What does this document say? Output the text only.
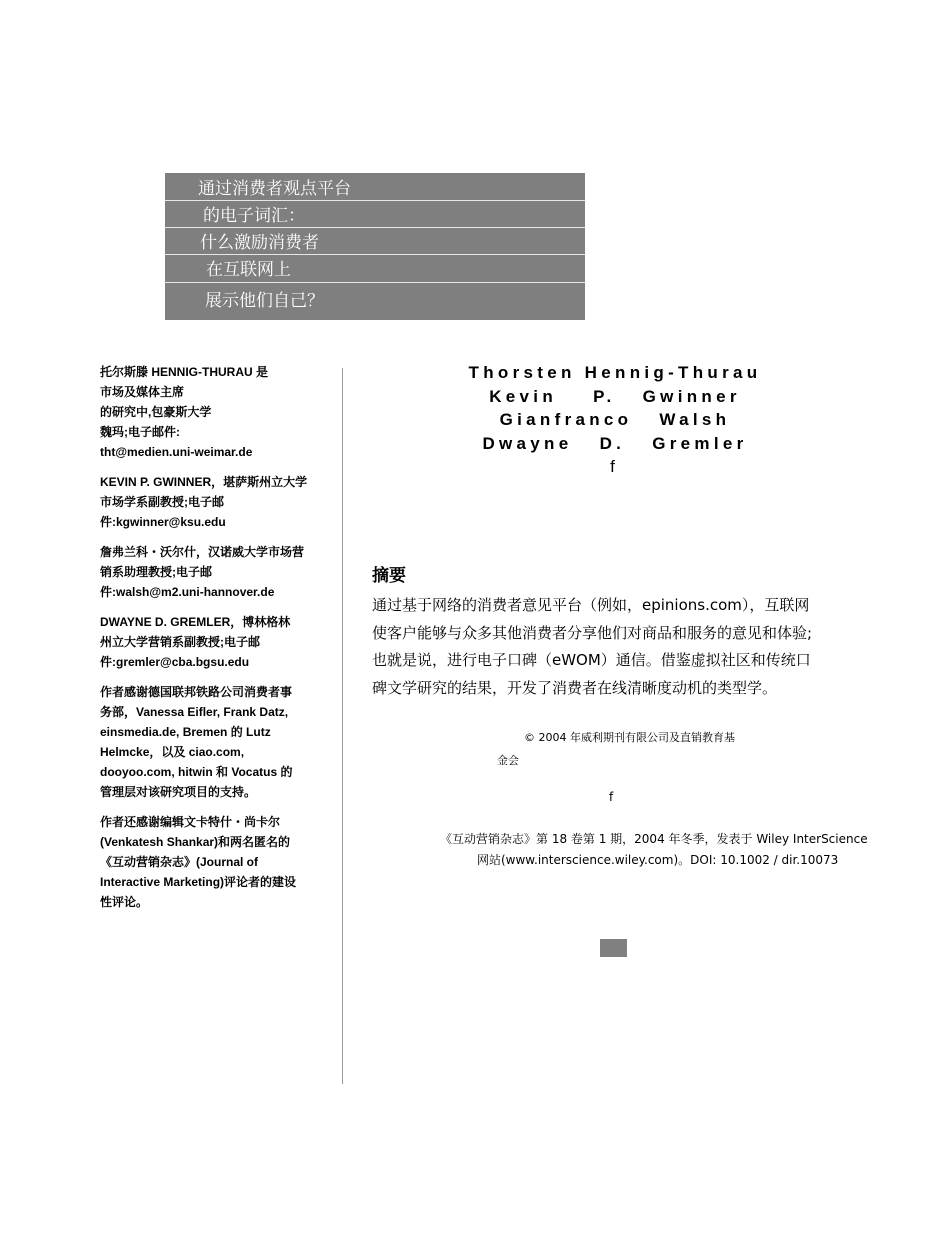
通过消费者观点平台
的电子词汇：
什么激励消费者
在互联网上
展示他们自己？

托尔斯滕 HENNIG-THURAU 是
市场及媒体主席
的研究中,包豪斯大学
魏玛;电子邮件:
tht@medien.uni-weimar.de

KEVIN P. GWINNER，堪萨斯州立大学
市场学系副教授;电子邮
件:kgwinner@ksu.edu

詹弗兰科・沃尔什，汉诺威大学市场营
销系助理教授;电子邮
件:walsh@m2.uni-hannover.de

DWAYNE D. GREMLER，博林格林
州立大学营销系副教授;电子邮
件:gremler@cba.bgsu.edu

作者感谢德国联邦铁路公司消费者事
务部，Vanessa Eifler, Frank Datz,
einsmedia.de, Bremen 的 Lutz
Helmcke，以及 ciao.com,
dooyoo.com, hitwin 和 Vocatus 的
管理层对该研究项目的支持。

作者还感谢编辑文卡特什・尚卡尔
(Venkatesh Shankar)和两名匿名的
《互动营销杂志》(Journal of
Interactive Marketing)评论者的建设
性评论。

Thorsten Hennig-Thurau
Kevin    P.   Gwinner
Gianfranco   Walsh
Dwayne   D.   Gremler
f
摘要
通过基于网络的消费者意见平台（例如，epinions.com），互联网
使客户能够与众多其他消费者分享他们对商品和服务的意见和体验;
也就是说，进行电子口碑（eWOM）通信。借鉴虚拟社区和传统口
碑文学研究的结果，开发了消费者在线清晰度动机的类型学。
© 2004 年威利期刊有限公司及直销教育基
金会
f
《互动营销杂志》第 18 卷第 1 期，2004 年冬季，发表于 Wiley InterScience
网站(www.interscience.wiley.com)。DOI: 10.1002 / dir.10073
